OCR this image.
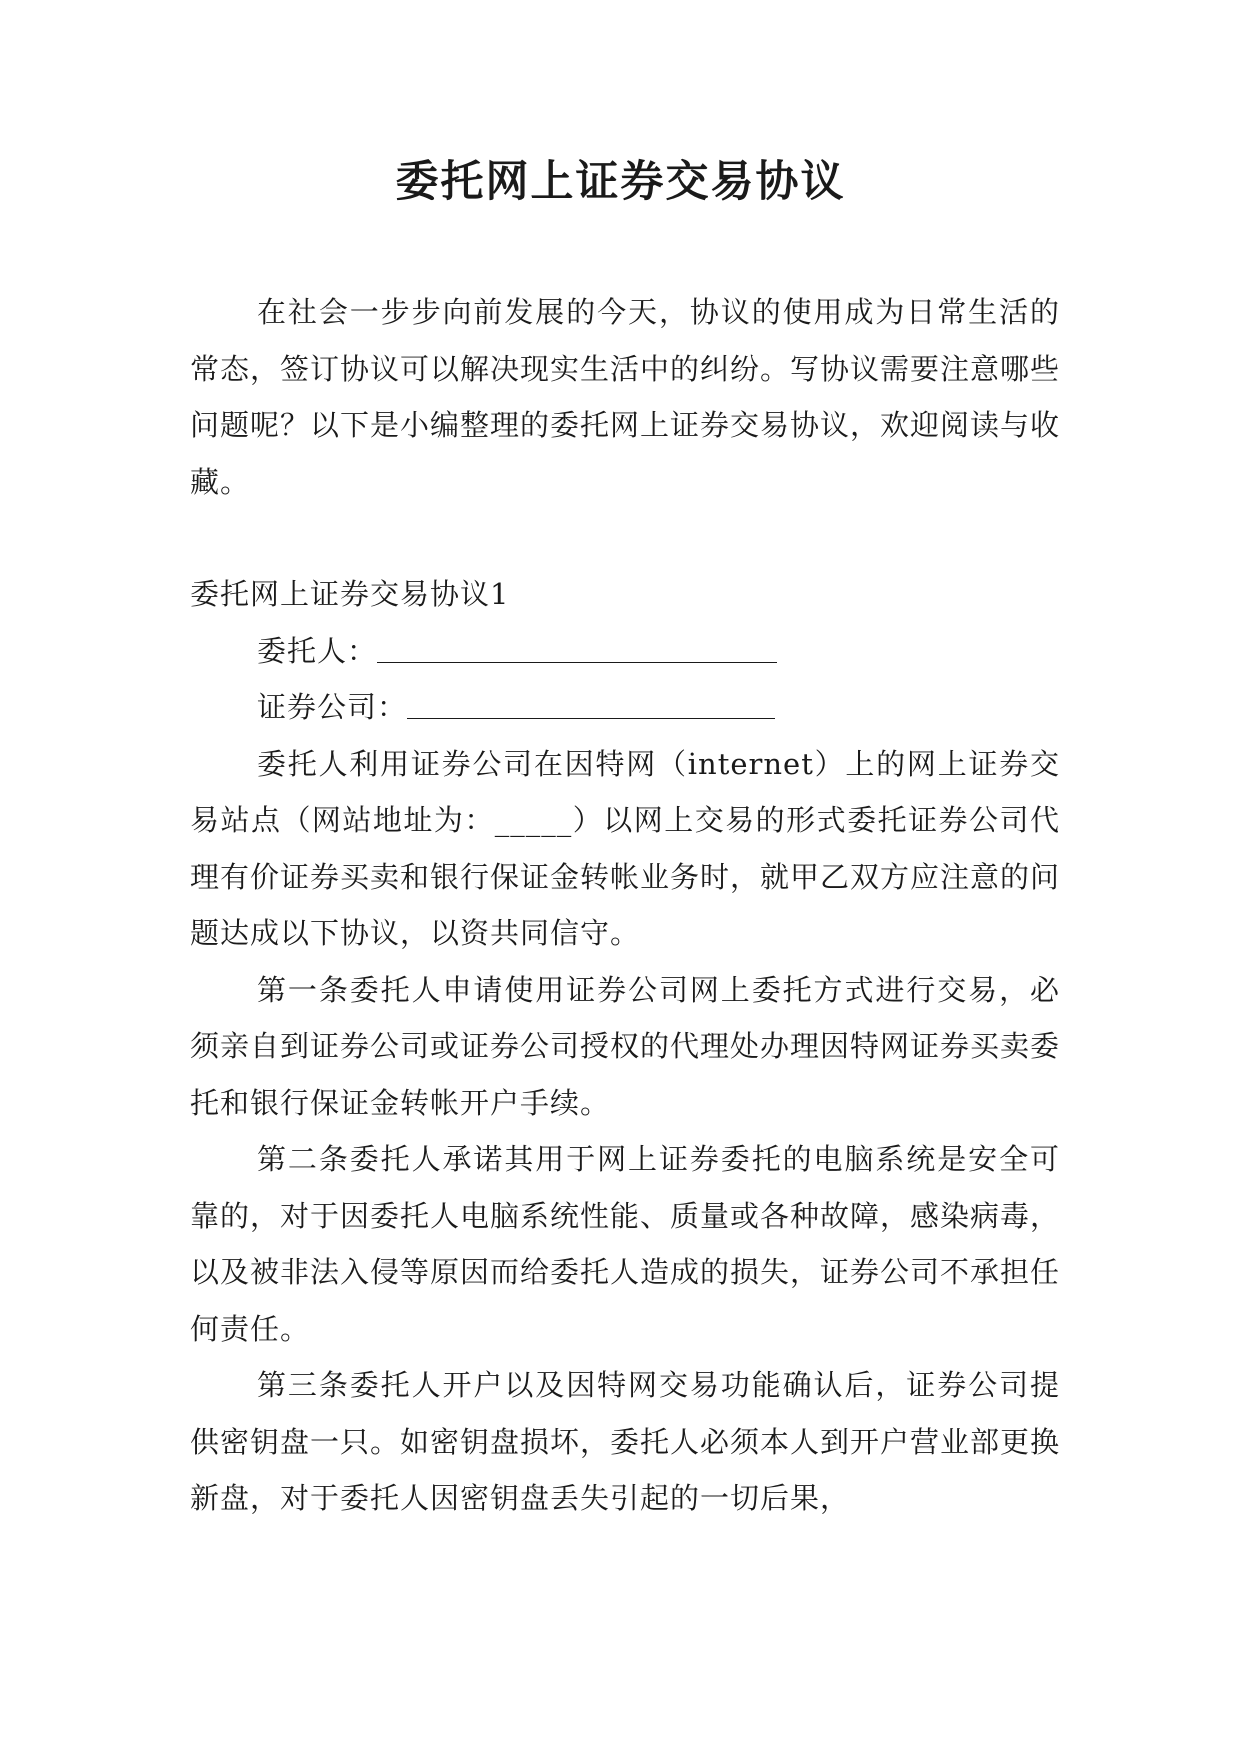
委托网上证券交易协议

在社会一步步向前发展的今天，协议的使用成为日常生活的常态，签订协议可以解决现实生活中的纠纷。写协议需要注意哪些问题呢？以下是小编整理的委托网上证券交易协议，欢迎阅读与收藏。

委托网上证券交易协议1

委托人：

证券公司：

委托人利用证券公司在因特网（internet）上的网上证券交易站点（网站地址为：_____）以网上交易的形式委托证券公司代理有价证券买卖和银行保证金转帐业务时，就甲乙双方应注意的问题达成以下协议，以资共同信守。

第一条委托人申请使用证券公司网上委托方式进行交易，必须亲自到证券公司或证券公司授权的代理处办理因特网证券买卖委托和银行保证金转帐开户手续。

第二条委托人承诺其用于网上证券委托的电脑系统是安全可靠的，对于因委托人电脑系统性能、质量或各种故障，感染病毒，以及被非法入侵等原因而给委托人造成的损失，证券公司不承担任何责任。

第三条委托人开户以及因特网交易功能确认后，证券公司提供密钥盘一只。如密钥盘损坏，委托人必须本人到开户营业部更换新盘，对于委托人因密钥盘丢失引起的一切后果，
